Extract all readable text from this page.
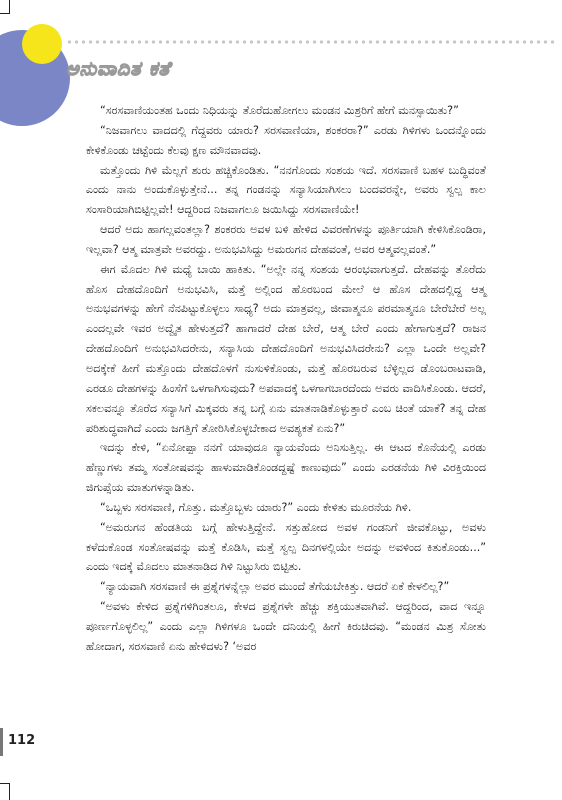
ಅನುವಾದಿತ ಕತೆ

“ಸರಸವಾಣಿಯಂತಹ ಒಂದು ನಿಧಿಯನ್ನು ತೊರೆದುಹೋಗಲು ಮಂಡನ ಮಿಶ್ರರಿಗೆ ಹೇಗೆ ಮನಸ್ಸಾಯಿತು?”

“ನಿಜವಾಗಲು ವಾದದಲ್ಲಿ ಗೆದ್ದವರು ಯಾರು? ಸರಸವಾಣಿಯಾ, ಶಂಕರರಾ?” ಎರಡು ಗಿಳಿಗಳು ಒಂದನ್ನೊಂದು ಕೇಳಿಕೊಂಡು ಚಟ್ಟೆಂದು ಕೆಲವು ಕ್ಷಣ ಮೌನವಾದವು.

ಮತ್ತೊಂದು ಗಿಳಿ ಮೆಲ್ಲಗೆ ಶುರು ಹಚ್ಚಿಕೊಂಡಿತು. “ನನಗೊಂದು ಸಂಶಯ ಇದೆ. ಸರಸವಾಣಿ ಬಹಳ ಬುದ್ಧಿವಂತೆ ಎಂದು ನಾನು ಅಂದುಕೊಳ್ಳುತ್ತೇನೆ... ತನ್ನ ಗಂಡನನ್ನು ಸನ್ಯಾಸಿಯಾಗಿಸಲು ಬಂದವರನ್ನೇ, ಅವರು ಸ್ವಲ್ಪ ಕಾಲ ಸಂಸಾರಿಯಾಗಿಬಿಟ್ಟಿಲ್ಲವೇ! ಆದ್ದರಿಂದ ನಿಜವಾಗಲೂ ಜಯಿಸಿದ್ದು ಸರಸವಾಣಿಯೇ!

ಆದರೆ ಅದು ಹಾಗಲ್ಲವಂತಲ್ಲಾ? ಶಂಕರರು ಅವಳ ಬಳಿ ಹೇಳಿದ ವಿವರಣೆಗಳನ್ನು ಪೂರ್ತಿಯಾಗಿ ಕೇಳಿಸಿಕೊಂಡಿರಾ, ಇಲ್ಲವಾ? ಆತ್ಮ ಮಾತ್ರವೇ ಅವರದ್ದು. ಅನುಭವಿಸಿದ್ದು ಅಮರುಗನ ದೇಹವಂತೆ, ಅವರ ಆತ್ಮವಲ್ಲವಂತೆ.”

ಈಗ ಮೊದಲ ಗಿಳಿ ಮಧ್ಯೆ ಬಾಯಿ ಹಾಕಿತು. “ಅಲ್ಲೇ ನನ್ನ ಸಂಶಯ ಆರಂಭವಾಗುತ್ತದೆ. ದೇಹವನ್ನು ತೊರೆದು ಹೊಸ ದೇಹದೊಂದಿಗೆ ಅನುಭವಿಸಿ, ಮತ್ತೆ ಅಲ್ಲಿಂದ ಹೊರಬಂದ ಮೇಲೆ ಆ ಹೊಸ ದೇಹದಲ್ಲಿದ್ದ ಆತ್ಮ ಅನುಭವಗಳನ್ನು ಹೇಗೆ ನೆನಪಿಟ್ಟುಕೊಳ್ಳಲು ಸಾಧ್ಯ? ಅದು ಮಾತ್ರವಲ್ಲ, ಜೀವಾತ್ಮನೂ ಪರಮಾತ್ಮನೂ ಬೇರೆಬೇರೆ ಅಲ್ಲ ಎಂದಲ್ಲವೇ ಇವರ ಅದ್ವೈತ ಹೇಳುತ್ತದೆ? ಹಾಗಾದರೆ ದೇಹ ಬೇರೆ, ಆತ್ಮ ಬೇರೆ ಎಂದು ಹೇಗಾಗುತ್ತದೆ? ರಾಜನ ದೇಹದೊಂದಿಗೆ ಅನುಭವಿಸಿದರೇನು, ಸನ್ಯಾಸಿಯ ದೇಹದೊಂದಿಗೆ ಅನುಭವಿಸಿದರೇನು? ಎಲ್ಲಾ ಒಂದೇ ಅಲ್ಲವೇ? ಅದಕ್ಕೇಕೆ ಹೀಗೆ ಮತ್ತೊಂದು ದೇಹದೊಳಗೆ ನುಸುಳಿಕೊಂಡು, ಮತ್ತೆ ಹೊರಬರುವ ಬೆಳ್ಳಿಲ್ಲದ ಡೊಂಬರಾಟವಾಡಿ, ಎರಡೂ ದೇಹಗಳನ್ನು ಹಿಂಸೆಗೆ ಒಳಗಾಗಿಸುವುದು? ಅಪವಾದಕ್ಕೆ ಒಳಗಾಗಬಾರದೆಂದು ಅವರು ವಾದಿಸಿಕೊಂಡು. ಆದರೆ, ಸಕಲವನ್ನೂ ತೊರೆದ ಸನ್ಯಾಸಿಗೆ ಮಿಕ್ಕವರು ತನ್ನ ಬಗ್ಗೆ ಏನು ಮಾತನಾಡಿಕೊಳ್ಳುತ್ತಾರೆ ಎಂಬ ಚಿಂತೆ ಯಾಕೆ? ತನ್ನ ದೇಹ ಪರಿಶುದ್ಧವಾಗಿದೆ ಎಂದು ಜಗತ್ತಿಗೆ ತೋರಿಸಿಕೊಳ್ಳಬೇಕಾದ ಅವಶ್ಯಕತೆ ಏನು?”

ಇದನ್ನು ಕೇಳಿ, “ಏನೋಪ್ಪಾ ನನಗೆ ಯಾವುದೂ ನ್ಯಾಯವೆಂದು ಅನಿಸುತ್ತಿಲ್ಲ. ಈ ಆಟದ ಕೊನೆಯಲ್ಲಿ ಎರಡು ಹೆಣ್ಣುಗಳು ತಮ್ಮ ಸಂತೋಷವನ್ನು ಹಾಳುಮಾಡಿಕೊಂಡದ್ದಷ್ಟೆ ಕಾಣುವುದು” ಎಂದು ಎರಡನೆಯ ಗಿಳಿ ವಿರಕ್ತಿಯಿಂದ ಜಿಗುಪ್ಸೆಯ ಮಾತುಗಳನ್ನಾಡಿತು.

“ಒಬ್ಬಳು ಸರಸವಾಣಿ, ಗೊತ್ತು. ಮತ್ತೊಬ್ಬಳು ಯಾರು?” ಎಂದು ಕೇಳಿತು ಮೂರನೆಯ ಗಿಳಿ.

“ಅಮರುಗನ ಹೆಂಡತಿಯ ಬಗ್ಗೆ ಹೇಳುತ್ತಿದ್ದೇನೆ. ಸತ್ತುಹೋದ ಅವಳ ಗಂಡನಿಗೆ ಜೀವಕೊಟ್ಟು, ಅವಳು ಕಳೆದುಕೊಂಡ ಸಂತೋಷವನ್ನು ಮತ್ತೆ ಕೊಡಿಸಿ, ಮತ್ತೆ ಸ್ವಲ್ಪ ದಿನಗಳಲ್ಲಿಯೇ ಅದನ್ನು ಅವಳಿಂದ ಕಿತುಕೊಂಡು...” ಎಂದು ಇದಕ್ಕೆ ಮೊದಲು ಮಾತನಾಡಿದ ಗಿಳಿ ನಿಟ್ಟುಸಿರು ಬಿಟ್ಟಿತು.

“ನ್ಯಾಯವಾಗಿ ಸರಸವಾಣಿ ಈ ಪ್ರಶ್ನೆಗಳನ್ನೆಲ್ಲಾ ಅವರ ಮುಂದೆ ತೆಗೆಯಬೇಕಿತ್ತು. ಆದರೆ ಏಕೆ ಕೇಳಲಿಲ್ಲ?”

“ಅವಳು ಕೇಳಿದ ಪ್ರಶ್ನೆಗಳಿಗಿಂತಲೂ, ಕೇಳದ ಪ್ರಶ್ನೆಗಳೇ ಹೆಚ್ಚು ಶಕ್ತಿಯುತವಾಗಿವೆ. ಆದ್ದರಿಂದ, ವಾದ ಇನ್ನೂ ಪೂರ್ಣಗೊಳ್ಳಲಿಲ್ಲ” ಎಂದು ಎಲ್ಲಾ ಗಿಳಿಗಳೂ ಒಂದೇ ದನಿಯಲ್ಲಿ ಹೀಗೆ ಕಿರುಚಿದವು. “ಮಂಡನ ಮಿಶ್ರ ಸೋತು ಹೋದಾಗ, ಸರಸವಾಣಿ ಏನು ಹೇಳಿದಳು? ‘ಅವರ

112
